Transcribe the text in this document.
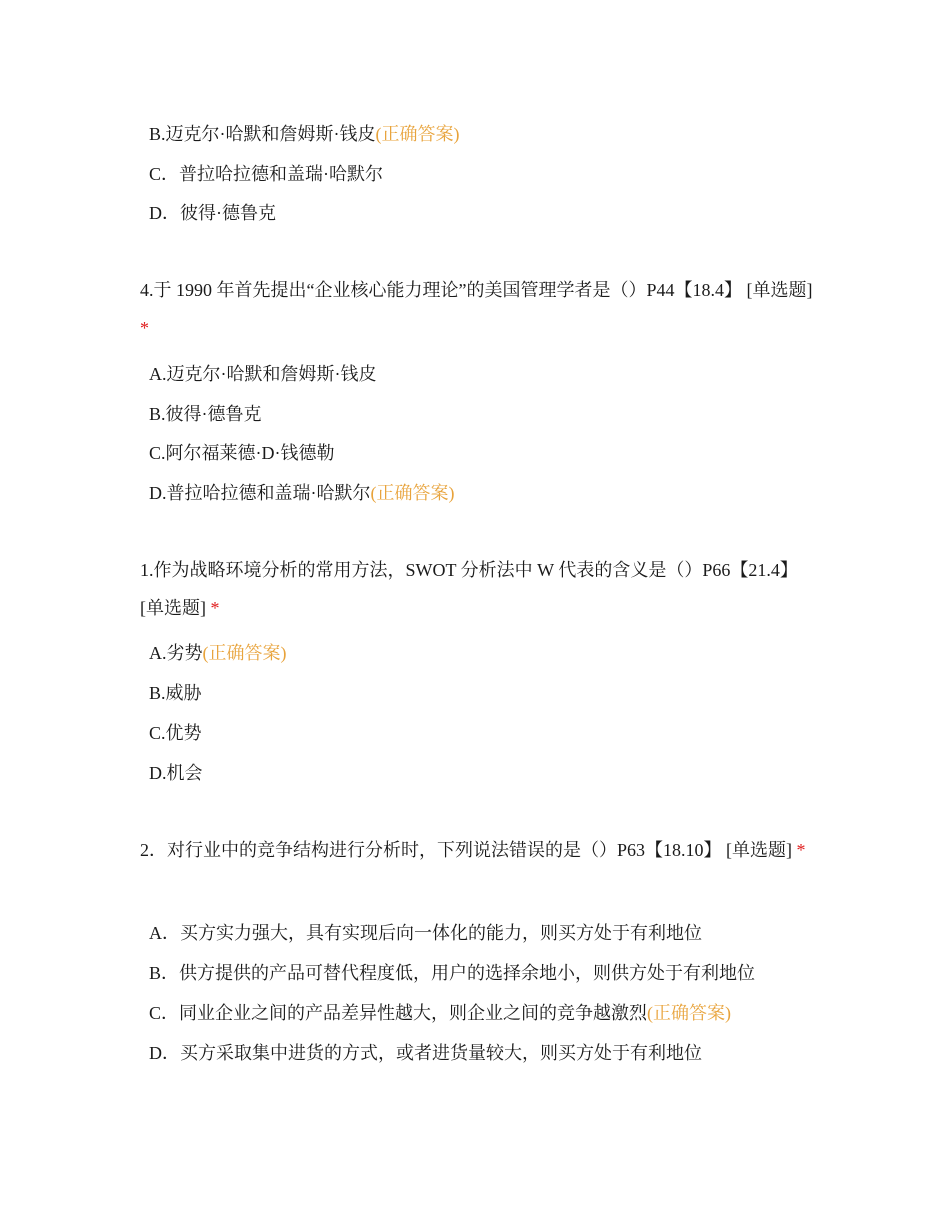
B.迈克尔·哈默和詹姆斯·钱皮(正确答案)
C．普拉哈拉德和盖瑞·哈默尔
D．彼得·德鲁克
4.于 1990 年首先提出“企业核心能力理论”的美国管理学者是（）P44【18.4】 [单选题] *
A.迈克尔·哈默和詹姆斯·钱皮
B.彼得·德鲁克
C.阿尔福莱德·D·钱德勒
D.普拉哈拉德和盖瑞·哈默尔(正确答案)
1.作为战略环境分析的常用方法，SWOT 分析法中 W 代表的含义是（）P66【21.4】 [单选题] *
A.劣势(正确答案)
B.威胁
C.优势
D.机会
2．对行业中的竞争结构进行分析时，下列说法错误的是（）P63【18.10】 [单选题] *
A．买方实力强大，具有实现后向一体化的能力，则买方处于有利地位
B．供方提供的产品可替代程度低，用户的选择余地小，则供方处于有利地位
C．同业企业之间的产品差异性越大，则企业之间的竞争越激烈(正确答案)
D．买方采取集中进货的方式，或者进货量较大，则买方处于有利地位
